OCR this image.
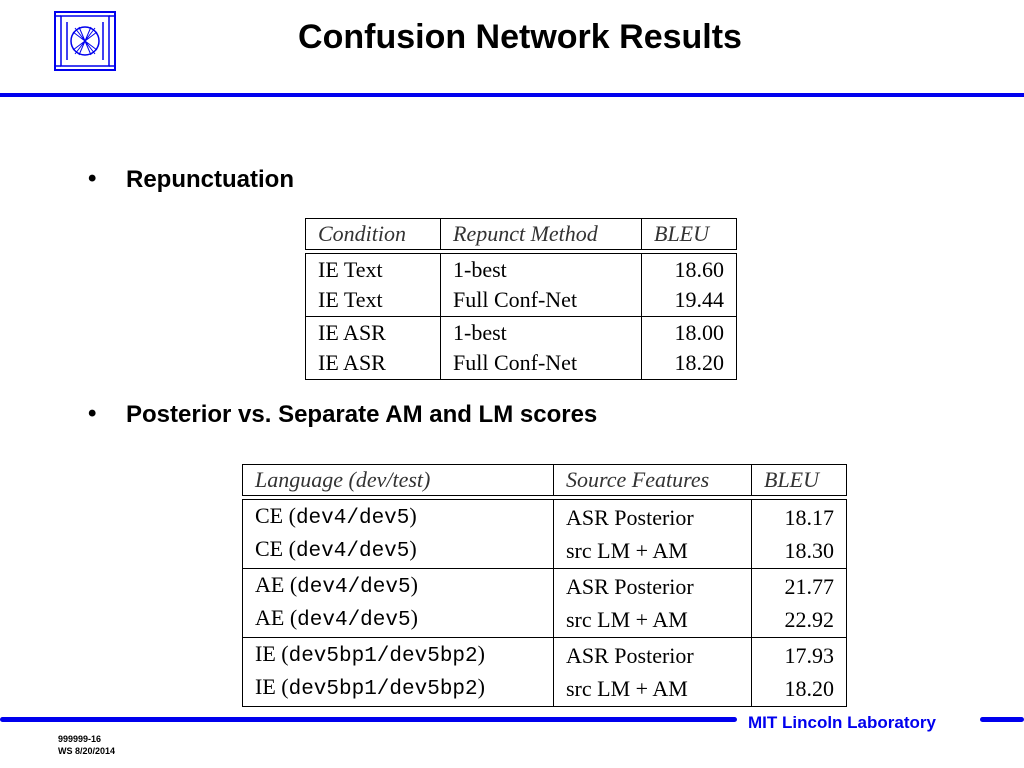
Confusion Network Results
• Repunctuation
Condition	Repunct Method	BLEU

IE Text	1-best	18.60
IE Text	Full Conf-Net	19.44
IE ASR	1-best	18.00
IE ASR	Full Conf-Net	18.20
• Posterior vs. Separate AM and LM scores
Language (dev/test)	Source Features	BLEU

CE (dev4/dev5)	ASR Posterior	18.17
CE (dev4/dev5)	src LM + AM	18.30
AE (dev4/dev5)	ASR Posterior	21.77
AE (dev4/dev5)	src LM + AM	22.92
IE (dev5bp1/dev5bp2)	ASR Posterior	17.93
IE (dev5bp1/dev5bp2)	src LM + AM	18.20
MIT Lincoln Laboratory
999999-16
WS 8/20/2014
